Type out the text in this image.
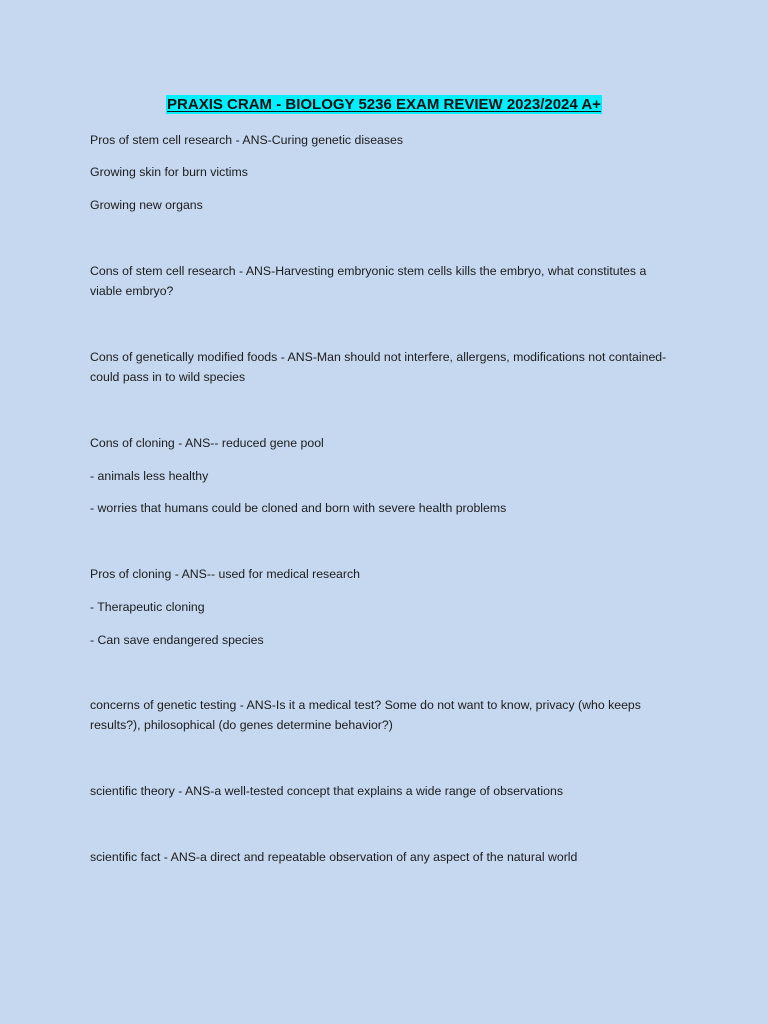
PRAXIS CRAM - BIOLOGY 5236 EXAM REVIEW 2023/2024 A+

Pros of stem cell research - ANS-Curing genetic diseases

Growing skin for burn victims

Growing new organs

Cons of stem cell research - ANS-Harvesting embryonic stem cells kills the embryo, what constitutes a viable embryo?

Cons of genetically modified foods - ANS-Man should not interfere, allergens, modifications not contained-could pass in to wild species

Cons of cloning - ANS-- reduced gene pool

- animals less healthy

- worries that humans could be cloned and born with severe health problems

Pros of cloning - ANS-- used for medical research

- Therapeutic cloning

- Can save endangered species

concerns of genetic testing - ANS-Is it a medical test? Some do not want to know, privacy (who keeps results?), philosophical (do genes determine behavior?)

scientific theory - ANS-a well-tested concept that explains a wide range of observations

scientific fact - ANS-a direct and repeatable observation of any aspect of the natural world
